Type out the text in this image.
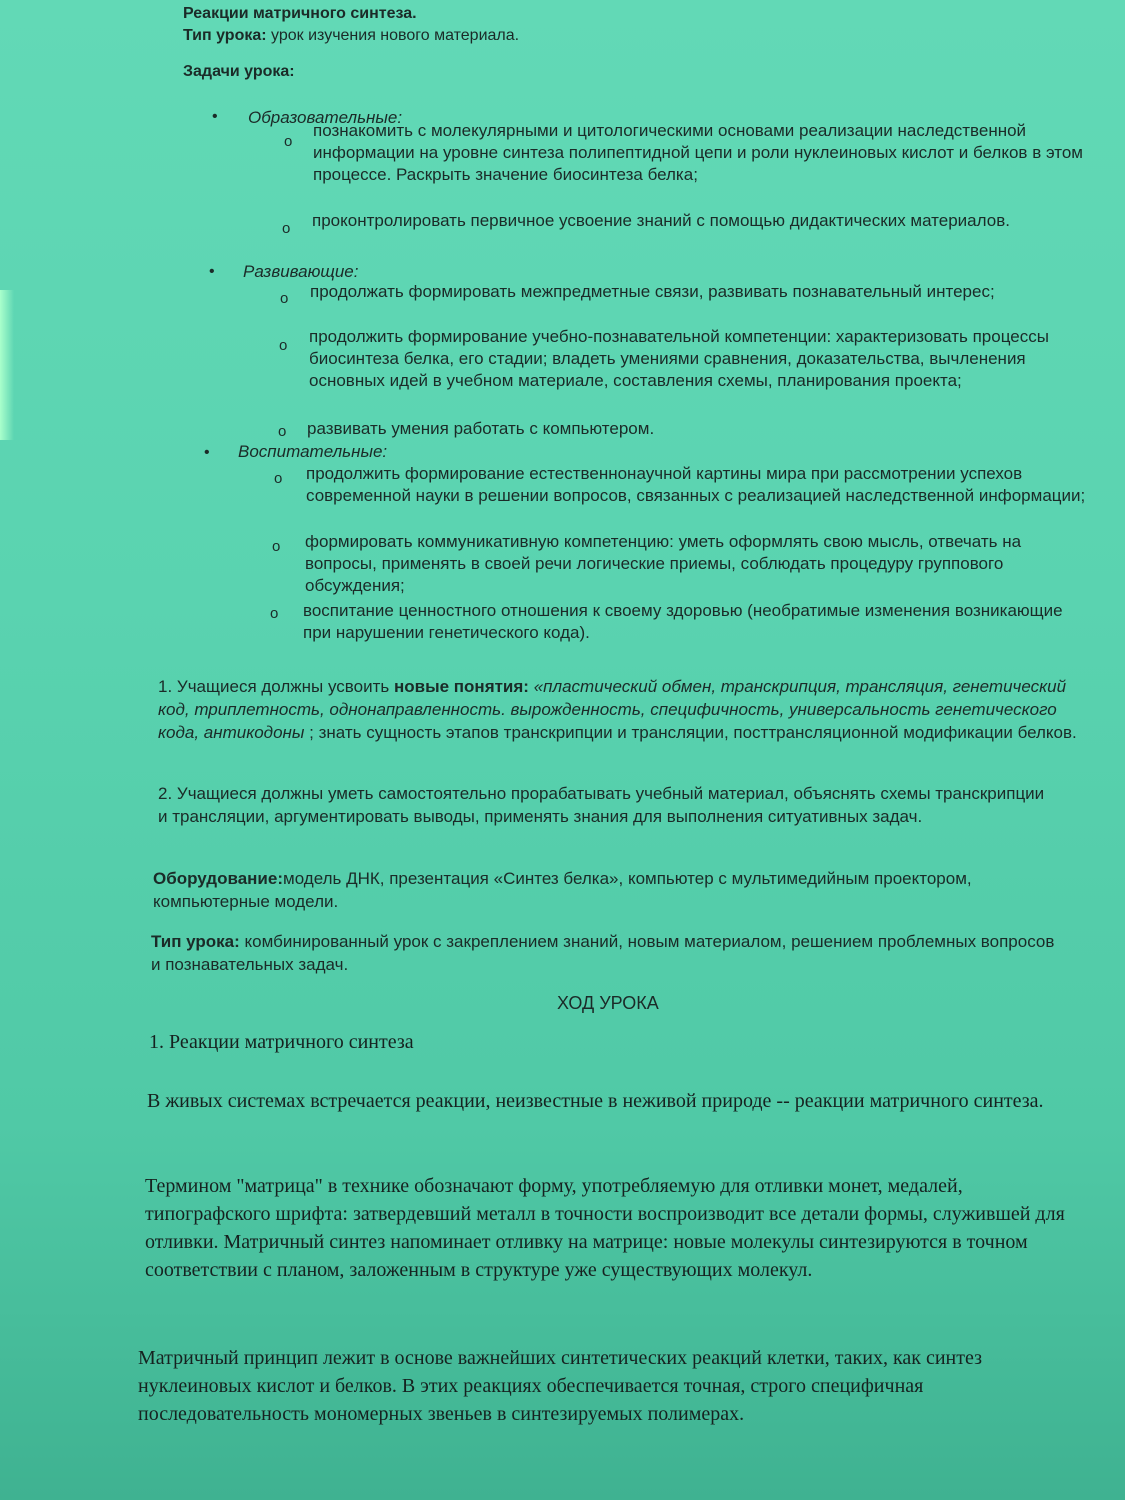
Реакции матричного синтеза.
Тип урока: урок изучения нового материала.
Задачи урока:
• Образовательные:
o
познакомить с молекулярными и цитологическими основами реализации наследственной информации на уровне синтеза полипептидной цепи и роли нуклеиновых кислот и белков в этом процессе. Раскрыть значение биосинтеза белка;
o проконтролировать первичное усвоение знаний с помощью дидактических материалов.
• Развивающие:
o продолжать формировать межпредметные связи, развивать познавательный интерес;
o продолжить формирование учебно-познавательной компетенции: характеризовать процессы биосинтеза белка, его стадии; владеть умениями сравнения, доказательства, вычленения основных идей в учебном материале, составления схемы, планирования проекта;
o развивать умения работать с компьютером.
• Воспитательные:
o продолжить формирование естественнонаучной картины мира при рассмотрении успехов современной науки в решении вопросов, связанных с реализацией наследственной информации;
o формировать коммуникативную компетенцию: уметь оформлять свою мысль, отвечать на вопросы, применять в своей речи логические приемы, соблюдать процедуру группового обсуждения;
o воспитание ценностного отношения к своему здоровью (необратимые изменения возникающие при нарушении генетического кода).
1. Учащиеся должны усвоить новые понятия: «пластический обмен, транскрипция, трансляция, генетический код, триплетность, однонаправленность. вырожденность, специфичность, универсальность генетического кода, антикодоны ; знать сущность этапов транскрипции и трансляции, посттрансляционной модификации белков.
2. Учащиеся должны уметь самостоятельно прорабатывать учебный материал, объяснять схемы транскрипции и трансляции, аргументировать выводы, применять знания для выполнения ситуативных задач.
Оборудование:модель ДНК, презентация «Синтез белка», компьютер с мультимедийным проектором, компьютерные модели.
Тип урока: комбинированный урок с закреплением знаний, новым материалом, решением проблемных вопросов и познавательных задач.
ХОД УРОКА
1. Реакции матричного синтеза
В живых системах встречается реакции, неизвестные в неживой природе -- реакции матричного синтеза.
Термином "матрица" в технике обозначают форму, употребляемую для отливки монет, медалей, типографского шрифта: затвердевший металл в точности воспроизводит все детали формы, служившей для отливки. Матричный синтез напоминает отливку на матрице: новые молекулы синтезируются в точном соответствии с планом, заложенным в структуре уже существующих молекул.
Матричный принцип лежит в основе важнейших синтетических реакций клетки, таких, как синтез нуклеиновых кислот и белков. В этих реакциях обеспечивается точная, строго специфичная последовательность мономерных звеньев в синтезируемых полимерах.
